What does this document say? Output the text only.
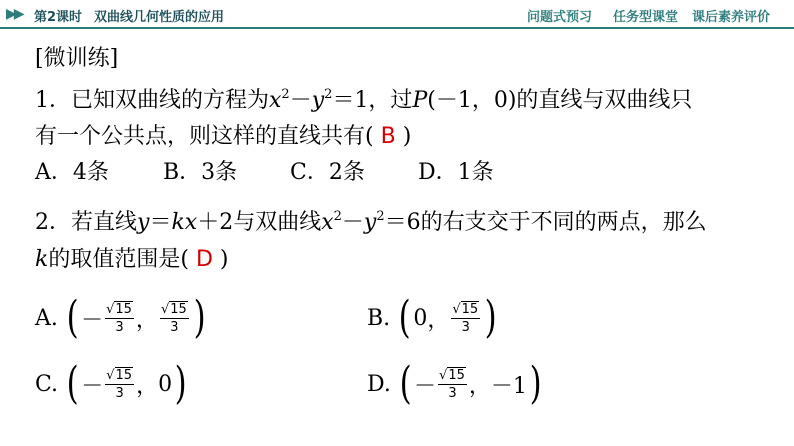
▶▶ 第2课时 双曲线几何性质的应用	问题式预习 任务型课堂 课后素养评价
[微训练]
1．已知双曲线的方程为$x^2-y^2=1$，过P(－1，0)的直线与双曲线只
有一个公共点，则这样的直线共有( B )
A．4条 B．3条 C．2条 D．1条
2．若直线y＝kx＋2与双曲线$x^2-y^2=6$的右支交于不同的两点，那么
k的取值范围是( D )
A. ( － $\frac{√15}{3}$ ， $\frac{√15}{3}$ )	B. ( 0 ， $\frac{√15}{3}$ )
C. ( － $\frac{√15}{3}$ ， 0 )	D. ( － $\frac{√15}{3}$ ， －1 )
